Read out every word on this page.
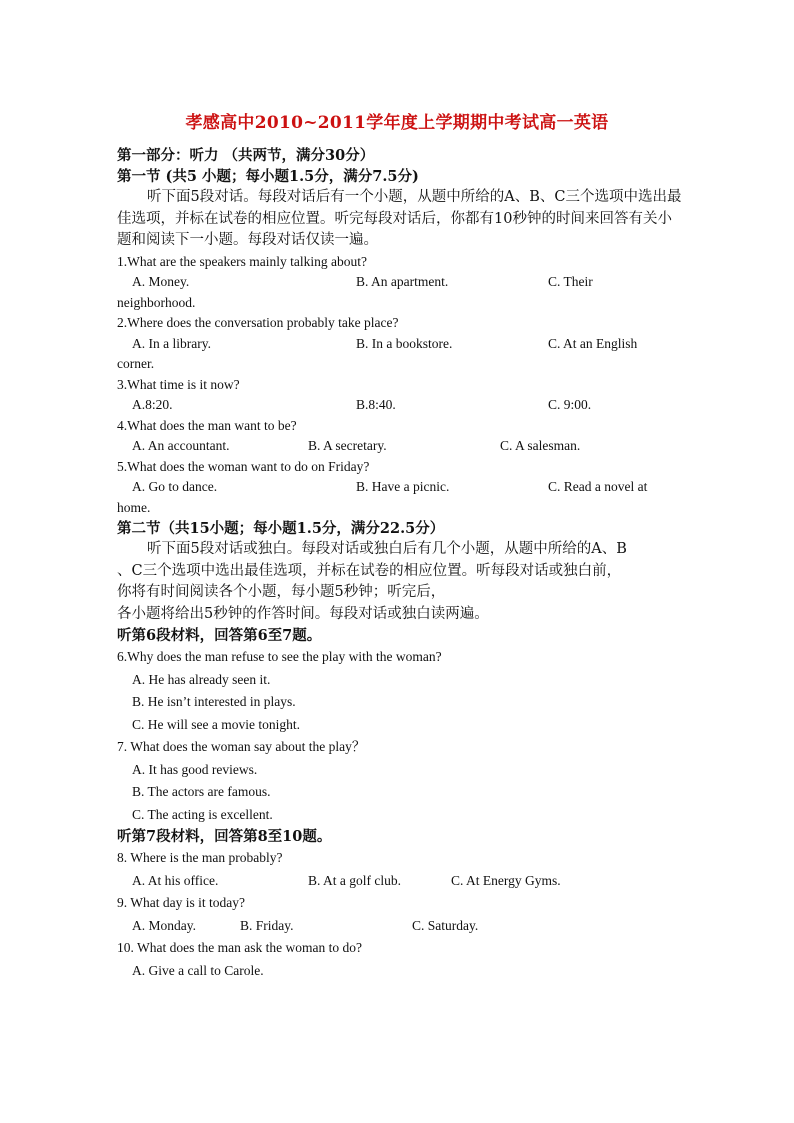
孝感高中2010~2011学年度上学期期中考试高一英语
第一部分：听力 （共两节，满分30分）
第一节 (共5 小题；每小题1.5分，满分7.5分)
听下面5段对话。每段对话后有一个小题，从题中所给的A、B、C三个选项中选出最佳选项，并标在试卷的相应位置。听完每段对话后，你都有10秒钟的时间来回答有关小题和阅读下一小题。每段对话仅读一遍。
1.What are the speakers mainly talking about?
A. Money.	B. An apartment.	C. Their
neighborhood.
2.Where does the conversation probably take place?
A. In a library.	B. In a bookstore.	C. At an English
corner.
3.What time is it now?
A.8:20.	B.8:40.	C. 9:00.
4.What does the man want to be?
A. An accountant.	B. A secretary.	C. A salesman.
5.What does the woman want to do on Friday?
A. Go to dance.	B. Have a picnic.	C. Read a novel at
home.
第二节（共15小题；每小题1.5分，满分22.5分）
听下面5段对话或独白。每段对话或独白后有几个小题，从题中所给的A、B
、C三个选项中选出最佳选项，并标在试卷的相应位置。听每段对话或独白前，
你将有时间阅读各个小题，每小题5秒钟；听完后，
各小题将给出5秒钟的作答时间。每段对话或独白读两遍。
听第6段材料，回答第6至7题。
6.Why does the man refuse to see the play with the woman?
A. He has already seen it.
B. He isn’t interested in plays.
C. He will see a movie tonight.
7. What does the woman say about the play？
A. It has good reviews.
B. The actors are famous.
C. The acting is excellent.
听第7段材料，回答第8至10题。
8. Where is the man probably?
A. At his office.	B. At a golf club.	C. At Energy Gyms.
9. What day is it today?
A. Monday.	B. Friday.	C. Saturday.
10. What does the man ask the woman to do?
A. Give a call to Carole.
